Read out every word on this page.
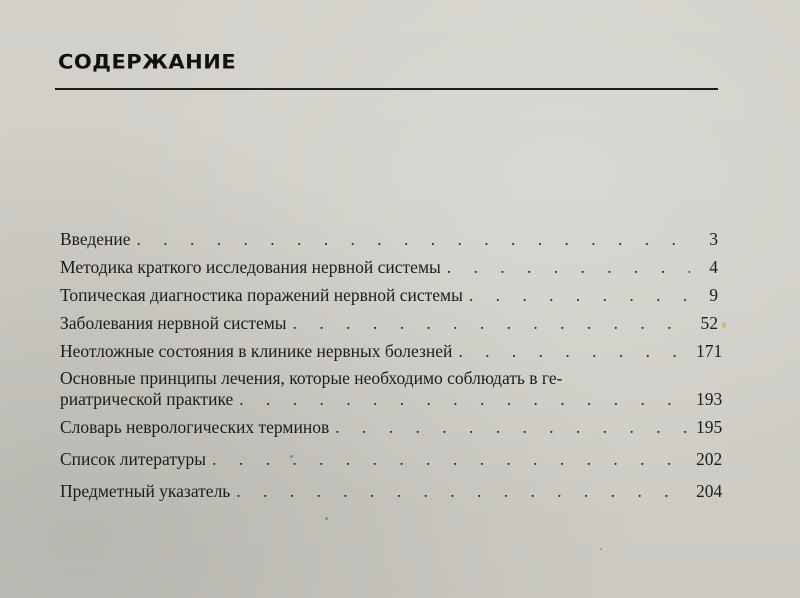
СОДЕРЖАНИЕ
Введение . . .	3
Методика краткого исследования нервной системы . . .	4
Топическая диагностика поражений нервной системы . . .	9
Заболевания нервной системы . . .	52
Неотложные состояния в клинике нервных болезней . . .	171
Основные принципы лечения, которые необходимо соблюдать в ге-
риатрической практике . . .	193
Словарь неврологических терминов . . .	195
Список литературы . . .	202
Предметный указатель . . .	204
